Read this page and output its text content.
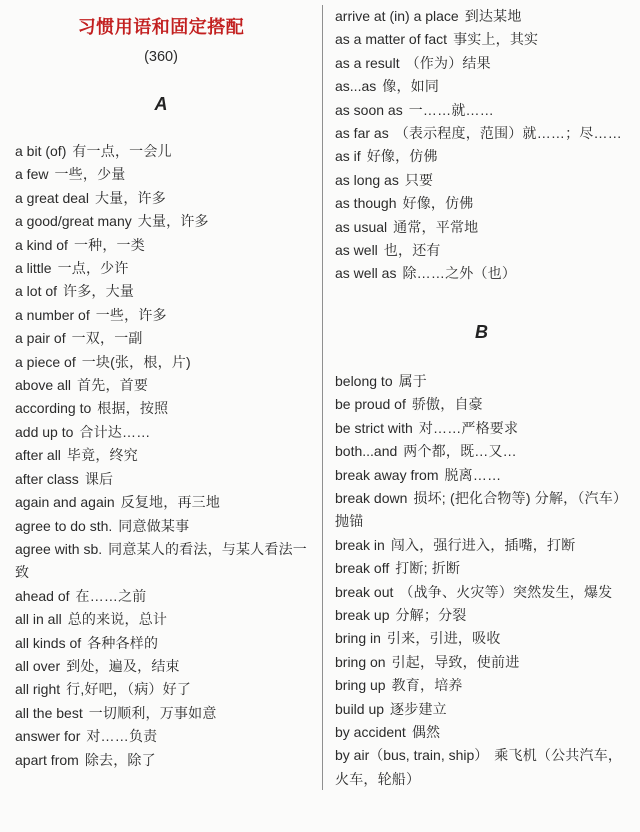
习惯用语和固定搭配
(360)
A
a bit (of) 有一点，一会儿
a few 一些，少量
a great deal 大量，许多
a good/great many 大量，许多
a kind of 一种，一类
a little 一点，少许
a lot of 许多，大量
a number of 一些，许多
a pair of 一双，一副
a piece of 一块(张，根，片)
above all 首先，首要
according to 根据，按照
add up to 合计达……
after all 毕竟，终究
after class 课后
again and again 反复地，再三地
agree to do sth. 同意做某事
agree with sb. 同意某人的看法，与某人看法一致
ahead of 在……之前
all in all 总的来说，总计
all kinds of 各种各样的
all over 到处，遍及，结束
all right 行,好吧，（病）好了
all the best 一切顺利，万事如意
answer for 对……负责
apart from 除去，除了
arrive at (in) a place 到达某地
as a matter of fact 事实上，其实
as a result （作为）结果
as...as 像，如同
as soon as 一……就……
as far as （表示程度，范围）就……；尽……
as if 好像，仿佛
as long as 只要
as though 好像，仿佛
as usual 通常，平常地
as well 也，还有
as well as 除……之外（也）
B
belong to 属于
be proud of 骄傲，自豪
be strict with 对……严格要求
both...and 两个都，既…又…
break away from 脱离……
break down 损坏; (把化合物等) 分解，（汽车）抛锚
break in 闯入，强行进入，插嘴，打断
break off 打断; 折断
break out （战争、火灾等）突然发生，爆发
break up 分解；分裂
bring in 引来，引进，吸收
bring on 引起，导致，使前进
bring up 教育，培养
build up 逐步建立
by accident 偶然
by air（bus, train, ship） 乘飞机（公共汽车，火车，轮船）
